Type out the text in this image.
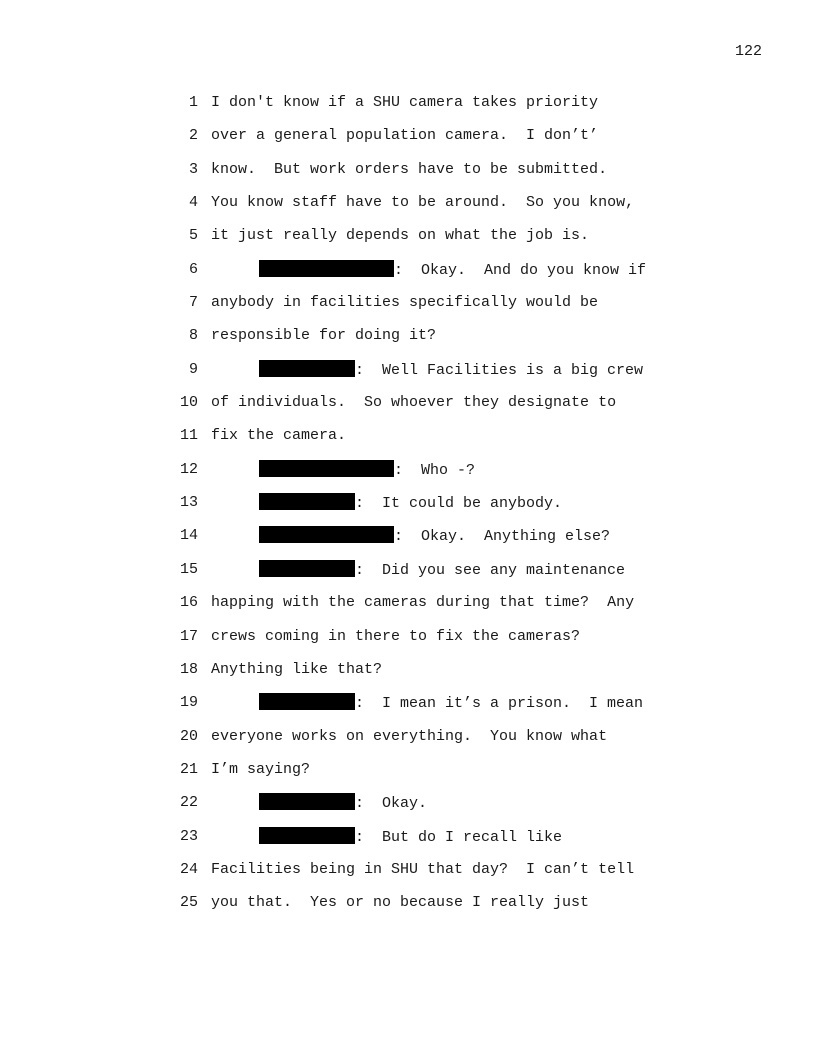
122
1 I don't know if a SHU camera takes priority
2 over a general population camera.  I don’t’
3 know.  But work orders have to be submitted.
4 You know staff have to be around.  So you know,
5 it just really depends on what the job is.
6	:  Okay.  And do you know if
7 anybody in facilities specifically would be
8 responsible for doing it?
9	:  Well Facilities is a big crew
10 of individuals.  So whoever they designate to
11 fix the camera.
12	:  Who -?
13	:  It could be anybody.
14	:  Okay.  Anything else?
15	:  Did you see any maintenance
16 happing with the cameras during that time?  Any
17 crews coming in there to fix the cameras?
18 Anything like that?
19	:  I mean it’s a prison.  I mean
20 everyone works on everything.  You know what
21 I’m saying?
22	:  Okay.
23	:  But do I recall like
24 Facilities being in SHU that day?  I can’t tell
25 you that.  Yes or no because I really just
